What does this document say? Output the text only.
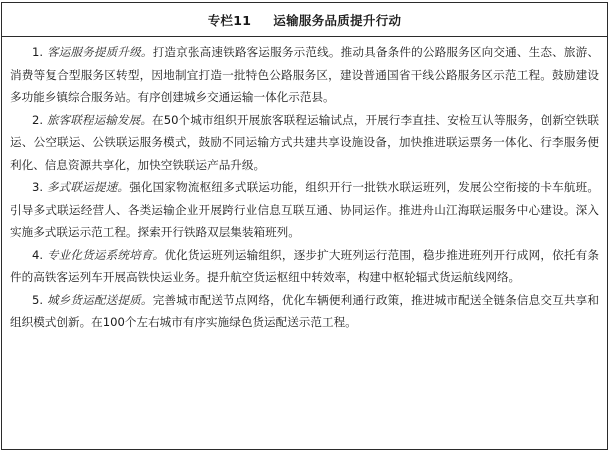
专栏11 运输服务品质提升行动

1. 客运服务提质升级。打造京张高速铁路客运服务示范线。推动具备条件的公路服务区向交通、生态、旅游、消费等复合型服务区转型，因地制宜打造一批特色公路服务区，建设普通国省干线公路服务区示范工程。鼓励建设多功能乡镇综合服务站。有序创建城乡交通运输一体化示范县。

2. 旅客联程运输发展。在50个城市组织开展旅客联程运输试点，开展行李直挂、安检互认等服务，创新空铁联运、公空联运、公铁联运服务模式，鼓励不同运输方式共建共享设施设备，加快推进联运票务一体化、行李服务便利化、信息资源共享化，加快空铁联运产品升级。

3. 多式联运提速。强化国家物流枢纽多式联运功能，组织开行一批铁水联运班列，发展公空衔接的卡车航班。引导多式联运经营人、各类运输企业开展跨行业信息互联互通、协同运作。推进舟山江海联运服务中心建设。深入实施多式联运示范工程。探索开行铁路双层集装箱班列。

4. 专业化货运系统培育。优化货运班列运输组织，逐步扩大班列运行范围，稳步推进班列开行成网，依托有条件的高铁客运列车开展高铁快运业务。提升航空货运枢纽中转效率，构建中枢轮辐式货运航线网络。

5. 城乡货运配送提质。完善城市配送节点网络，优化车辆便利通行政策，推进城市配送全链条信息交互共享和组织模式创新。在100个左右城市有序实施绿色货运配送示范工程。
